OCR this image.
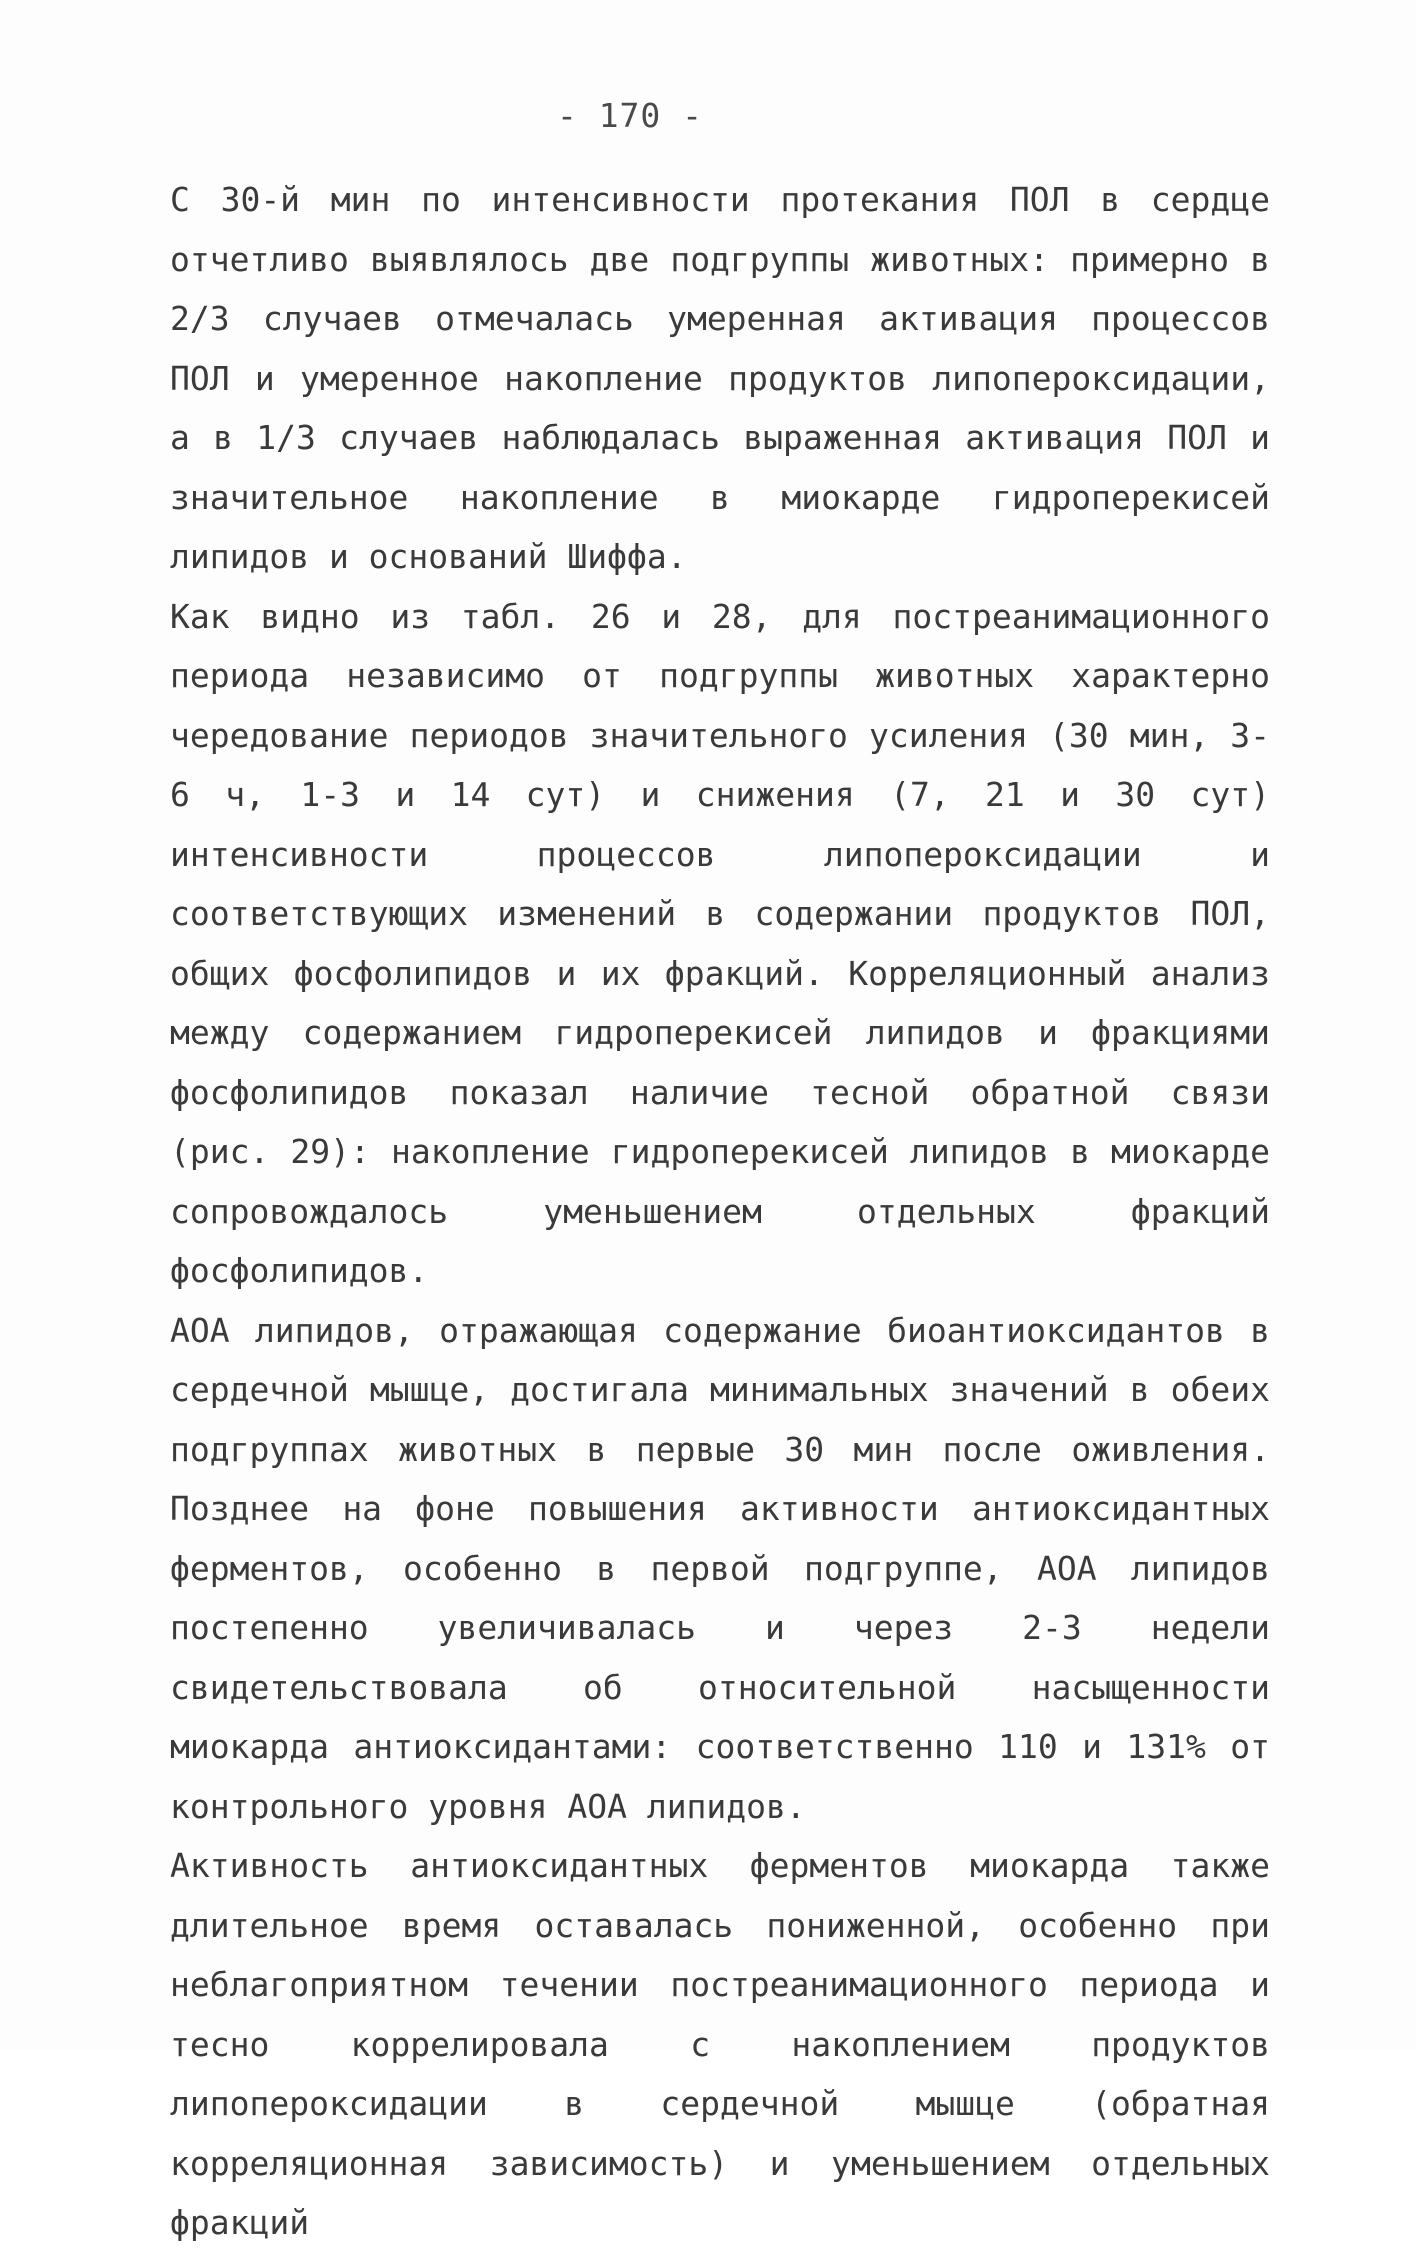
- 170 -

С 30-й мин по интенсивности протекания ПОЛ в сердце отчетливо выявлялось две подгруппы животных: примерно в 2/3 случаев отмечалась умеренная активация процессов ПОЛ и умеренное накопление продуктов липопероксидации, а в 1/3 случаев наблюдалась выраженная активация ПОЛ и значительное накопление в миокарде гидроперекисей липидов и оснований Шиффа.

Как видно из табл. 26 и 28, для постреанимационного периода независимо от подгруппы животных характерно чередование периодов значительного усиления (30 мин, 3-6 ч, 1-3 и 14 сут) и снижения (7, 21 и 30 сут) интенсивности процессов липопероксидации и соответствующих изменений в содержании продуктов ПОЛ, общих фосфолипидов и их фракций. Корреляционный анализ между содержанием гидроперекисей липидов и фракциями фосфолипидов показал наличие тесной обратной связи (рис. 29): накопление гидроперекисей липидов в миокарде сопровождалось уменьшением отдельных фракций фосфолипидов.

АОА липидов, отражающая содержание биоантиоксидантов в сердечной мышце, достигала минимальных значений в обеих подгруппах животных в первые 30 мин после оживления. Позднее на фоне повышения активности антиоксидантных ферментов, особенно в первой подгруппе, АОА липидов постепенно увеличивалась и через 2-3 недели свидетельствовала об относительной насыщенности миокарда антиоксидантами: соответственно 110 и 131% от контрольного уровня АОА липидов.

Активность антиоксидантных ферментов миокарда также длительное время оставалась пониженной, особенно при неблагоприятном течении постреанимационного периода и тесно коррелировала с накоплением продуктов липопероксидации в сердечной мышце (обратная корреляционная зависимость) и уменьшением отдельных фракций
